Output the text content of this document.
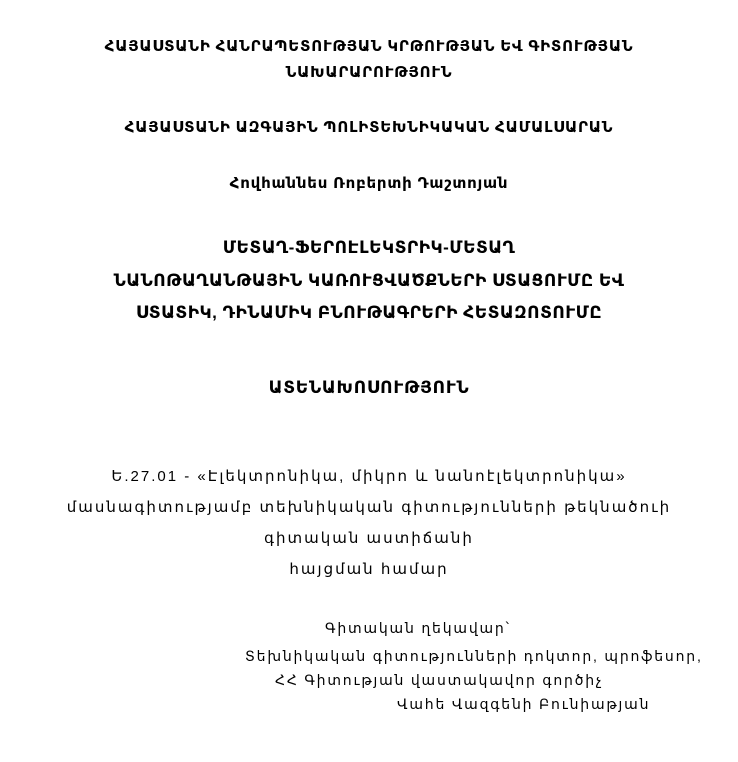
ՀԱՅԱՍՏԱՆԻ ՀԱՆՐԱՊԵՏՈՒԹՅԱՆ ԿՐԹՈՒԹՅԱՆ ԵՎ ԳԻՏՈՒԹՅԱՆ
ՆԱԽԱՐԱՐՈՒԹՅՈՒՆ
ՀԱՅԱՍՏԱՆԻ ԱԶԳԱՅԻՆ ՊՈԼԻՏԵԽՆԻԿԱԿԱՆ ՀԱՄԱԼՍԱՐԱՆ
Հովհաննես Ռոբերտի Դաշտոյան
ՄԵՏԱՂ-ՖԵՐՈԷԼԵԿՏՐԻԿ-ՄԵՏԱՂ
ՆԱՆՈԹԱՂԱՆԹԱՅԻՆ ԿԱՌՈՒՑՎԱԾՔՆԵՐԻ ՍՏԱՑՈՒՄԸ ԵՎ
ՍՏԱՏԻԿ, ԴԻՆԱՄԻԿ ԲՆՈՒԹԱԳՐԵՐԻ ՀԵՏԱԶՈՏՈՒՄԸ
ԱՏԵՆԱԽՈՍՈՒԹՅՈՒՆ
Ե.27.01 - «Էլեկտրոնիկա, միկրո և նանոէլեկտրոնիկա»
մասնագիտությամբ տեխնիկական գիտությունների թեկնածուի
գիտական աստիճանի
հայցման համար
Գիտական ղեկավար՝
Տեխնիկական գիտությունների դոկտոր, պրոֆեսոր,
ՀՀ Գիտության վաստակավոր գործիչ
Վահե Վազգենի Բունիաթյան
